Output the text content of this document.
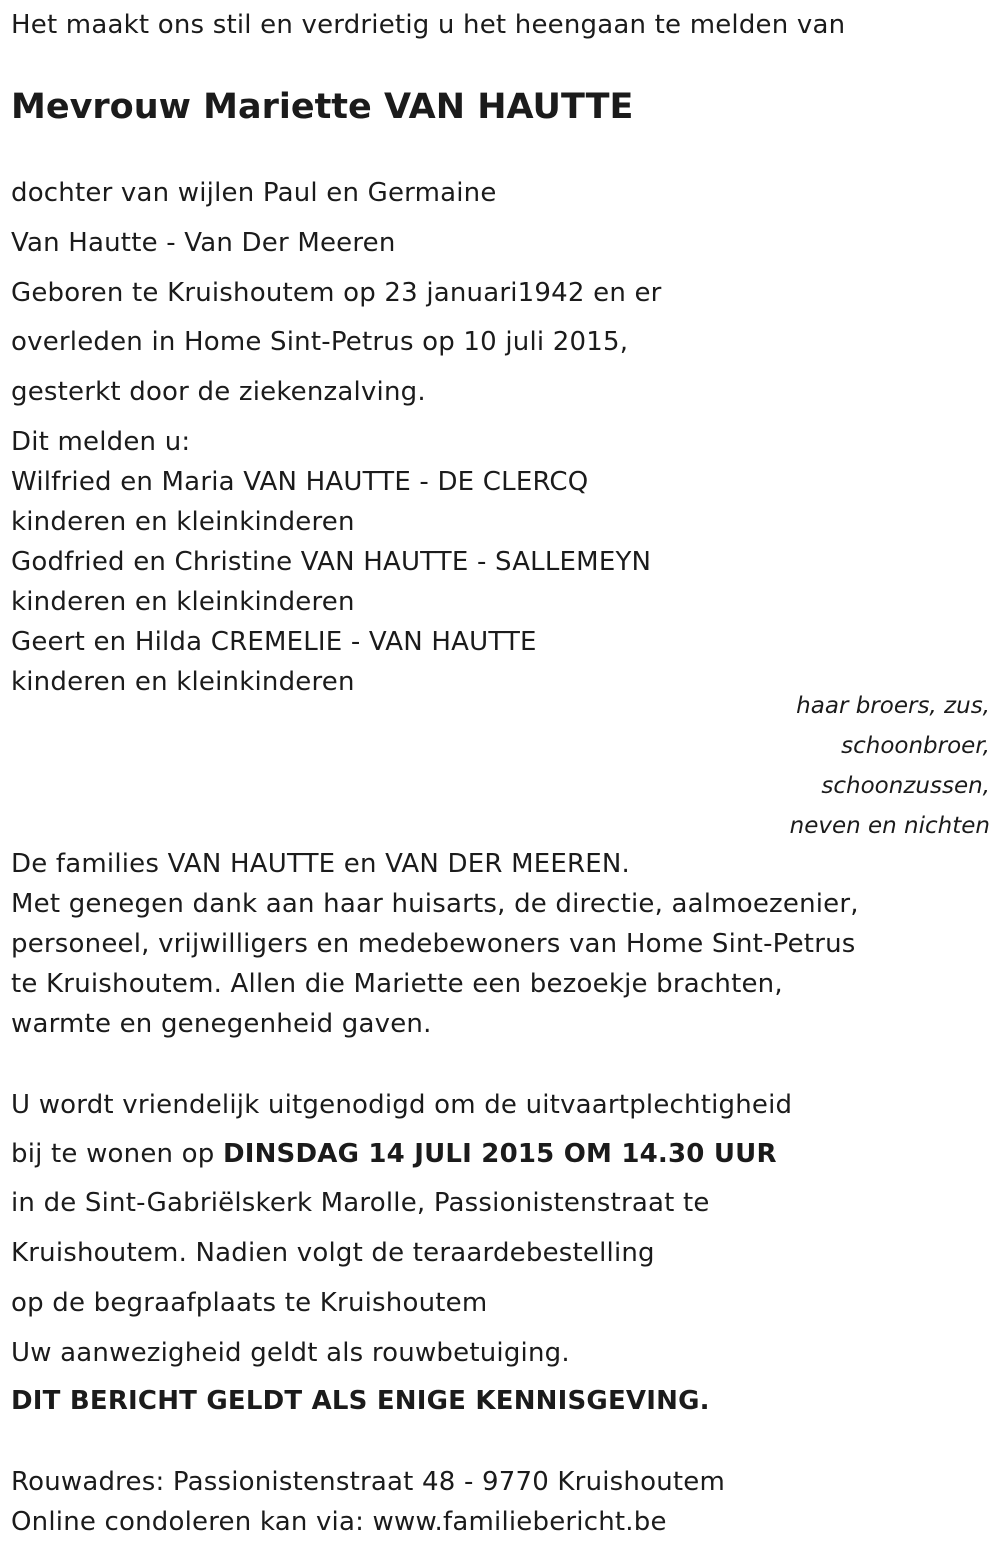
Het maakt ons stil en verdrietig u het heengaan te melden van

Mevrouw Mariette VAN HAUTTE

dochter van wijlen Paul en Germaine

Van Hautte - Van Der Meeren

Geboren te Kruishoutem op 23 januari1942 en er

overleden in Home Sint-Petrus op 10 juli 2015,

gesterkt door de ziekenzalving.

Dit melden u:

Wilfried en Maria VAN HAUTTE - DE CLERCQ

kinderen en kleinkinderen

Godfried en Christine VAN HAUTTE - SALLEMEYN

kinderen en kleinkinderen

Geert en Hilda CREMELIE - VAN HAUTTE

kinderen en kleinkinderen

haar broers, zus,

schoonbroer,

schoonzussen,

neven en nichten

De families VAN HAUTTE en VAN DER MEEREN.

Met genegen dank aan haar huisarts, de directie, aalmoezenier,

personeel, vrijwilligers en medebewoners van Home Sint-Petrus

te Kruishoutem. Allen die Mariette een bezoekje brachten,

warmte en genegenheid gaven.

U wordt vriendelijk uitgenodigd om de uitvaartplechtigheid

bij te wonen op DINSDAG 14 JULI 2015 OM 14.30 UUR

in de Sint-Gabriëlskerk Marolle, Passionistenstraat te

Kruishoutem. Nadien volgt de teraardebestelling

op de begraafplaats te Kruishoutem

Uw aanwezigheid geldt als rouwbetuiging.

DIT BERICHT GELDT ALS ENIGE KENNISGEVING.

Rouwadres: Passionistenstraat 48 - 9770 Kruishoutem

Online condoleren kan via: www.familiebericht.be
